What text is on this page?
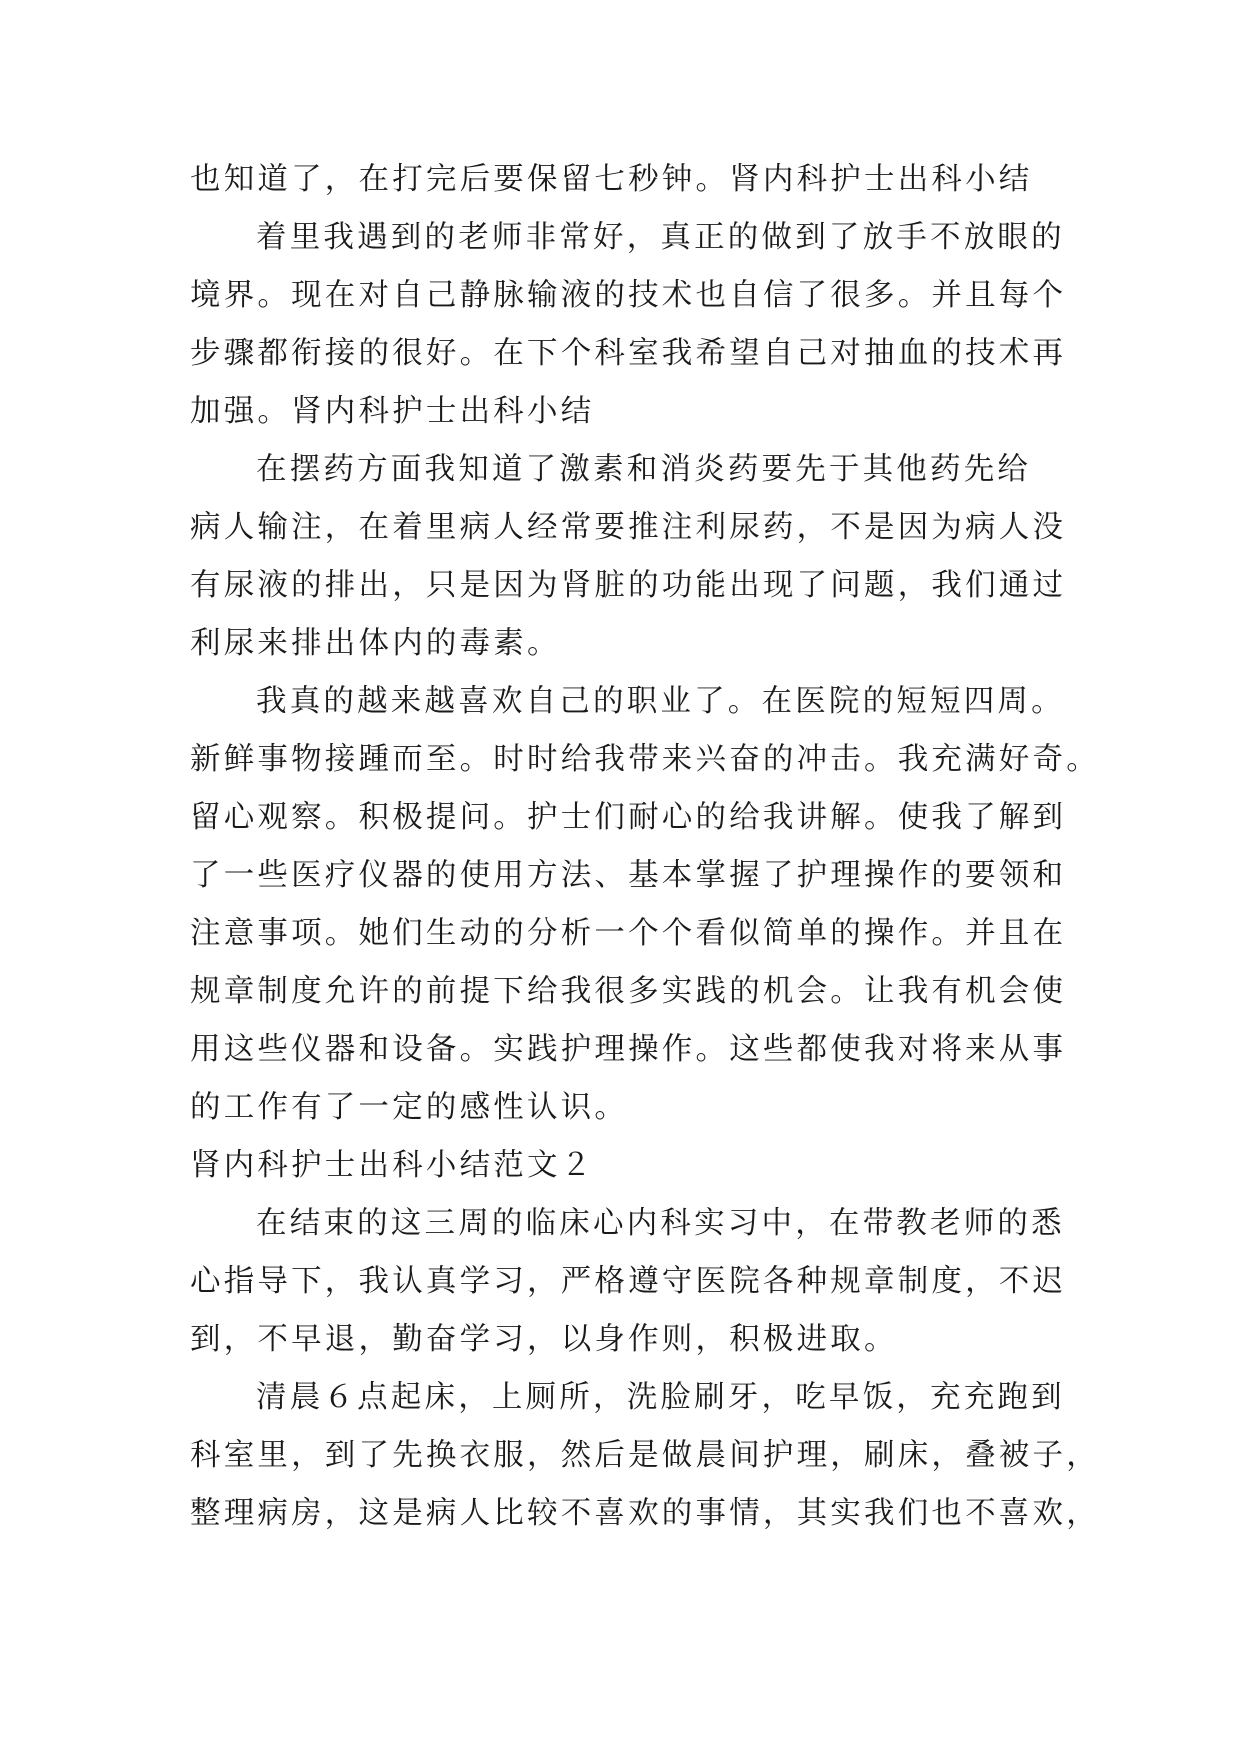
也知道了，在打完后要保留七秒钟。肾内科护士出科小结
着里我遇到的老师非常好，真正的做到了放手不放眼的
境界。现在对自己静脉输液的技术也自信了很多。并且每个
步骤都衔接的很好。在下个科室我希望自己对抽血的技术再
加强。肾内科护士出科小结
在摆药方面我知道了激素和消炎药要先于其他药先给
病人输注，在着里病人经常要推注利尿药，不是因为病人没
有尿液的排出，只是因为肾脏的功能出现了问题，我们通过
利尿来排出体内的毒素。
我真的越来越喜欢自己的职业了。在医院的短短四周。
新鲜事物接踵而至。时时给我带来兴奋的冲击。我充满好奇。
留心观察。积极提问。护士们耐心的给我讲解。使我了解到
了一些医疗仪器的使用方法、基本掌握了护理操作的要领和
注意事项。她们生动的分析一个个看似简单的操作。并且在
规章制度允许的前提下给我很多实践的机会。让我有机会使
用这些仪器和设备。实践护理操作。这些都使我对将来从事
的工作有了一定的感性认识。
肾内科护士出科小结范文２
在结束的这三周的临床心内科实习中，在带教老师的悉
心指导下，我认真学习，严格遵守医院各种规章制度，不迟
到，不早退，勤奋学习，以身作则，积极进取。
清晨６点起床，上厕所，洗脸刷牙，吃早饭，充充跑到
科室里，到了先换衣服，然后是做晨间护理，刷床，叠被子，
整理病房，这是病人比较不喜欢的事情，其实我们也不喜欢，
